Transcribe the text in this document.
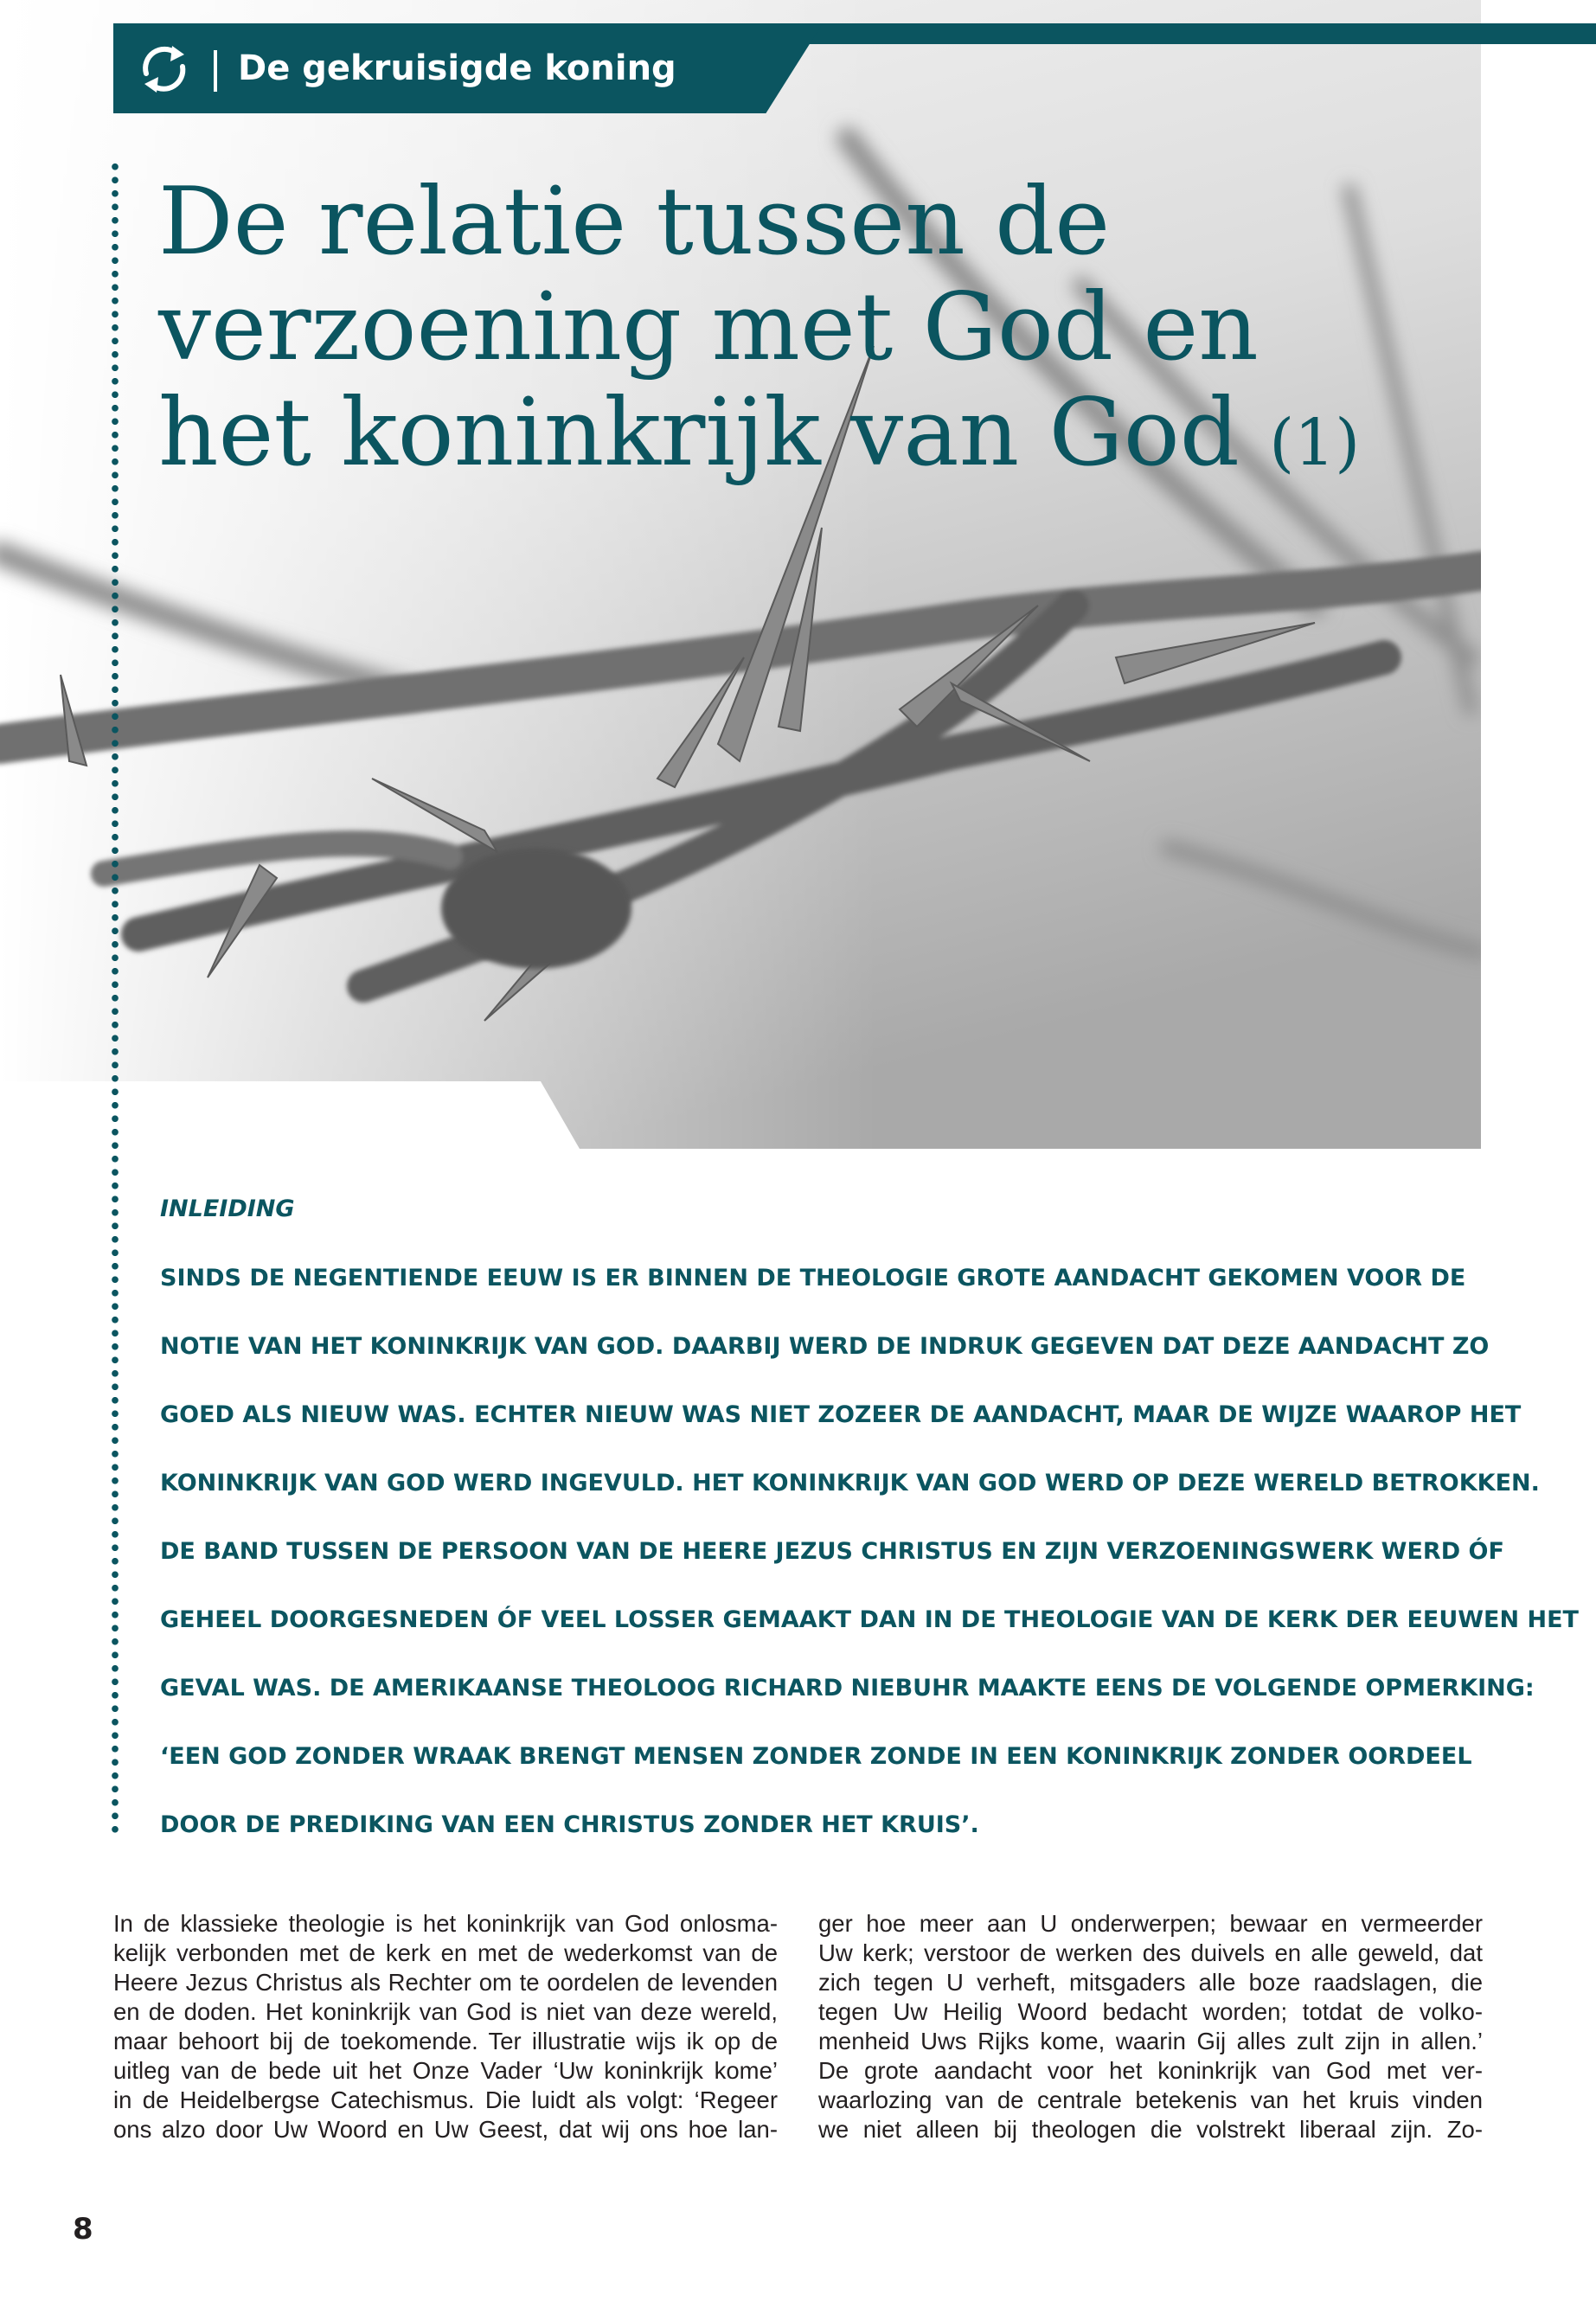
De gekruisigde koning
De relatie tussen de
verzoening met God en
het koninkrijk van God (1)
INLEIDING
SINDS DE NEGENTIENDE EEUW IS ER BINNEN DE THEOLOGIE GROTE AANDACHT GEKOMEN VOOR DE
NOTIE VAN HET KONINKRIJK VAN GOD. DAARBIJ WERD DE INDRUK GEGEVEN DAT DEZE AANDACHT ZO
GOED ALS NIEUW WAS. ECHTER NIEUW WAS NIET ZOZEER DE AANDACHT, MAAR DE WIJZE WAAROP HET
KONINKRIJK VAN GOD WERD INGEVULD. HET KONINKRIJK VAN GOD WERD OP DEZE WERELD BETROKKEN.
DE BAND TUSSEN DE PERSOON VAN DE HEERE JEZUS CHRISTUS EN ZIJN VERZOENINGSWERK WERD ÓF
GEHEEL DOORGESNEDEN ÓF VEEL LOSSER GEMAAKT DAN IN DE THEOLOGIE VAN DE KERK DER EEUWEN HET
GEVAL WAS. DE AMERIKAANSE THEOLOOG RICHARD NIEBUHR MAAKTE EENS DE VOLGENDE OPMERKING:
‘EEN GOD ZONDER WRAAK BRENGT MENSEN ZONDER ZONDE IN EEN KONINKRIJK ZONDER OORDEEL
DOOR DE PREDIKING VAN EEN CHRISTUS ZONDER HET KRUIS’.
In de klassieke theologie is het koninkrijk van God onlosma-
kelijk verbonden met de kerk en met de wederkomst van de
Heere Jezus Christus als Rechter om te oordelen de levenden
en de doden. Het koninkrijk van God is niet van deze wereld,
maar behoort bij de toekomende. Ter illustratie wijs ik op de
uitleg van de bede uit het Onze Vader ‘Uw koninkrijk kome’
in de Heidelbergse Catechismus. Die luidt als volgt: ‘Regeer
ons alzo door Uw Woord en Uw Geest, dat wij ons hoe lan-
ger hoe meer aan U onderwerpen; bewaar en vermeerder
Uw kerk; verstoor de werken des duivels en alle geweld, dat
zich tegen U verheft, mitsgaders alle boze raadslagen, die
tegen Uw Heilig Woord bedacht worden; totdat de volko-
menheid Uws Rijks kome, waarin Gij alles zult zijn in allen.’
De grote aandacht voor het koninkrijk van God met ver-
waarlozing van de centrale betekenis van het kruis vinden
we niet alleen bij theologen die volstrekt liberaal zijn. Zo-
8
